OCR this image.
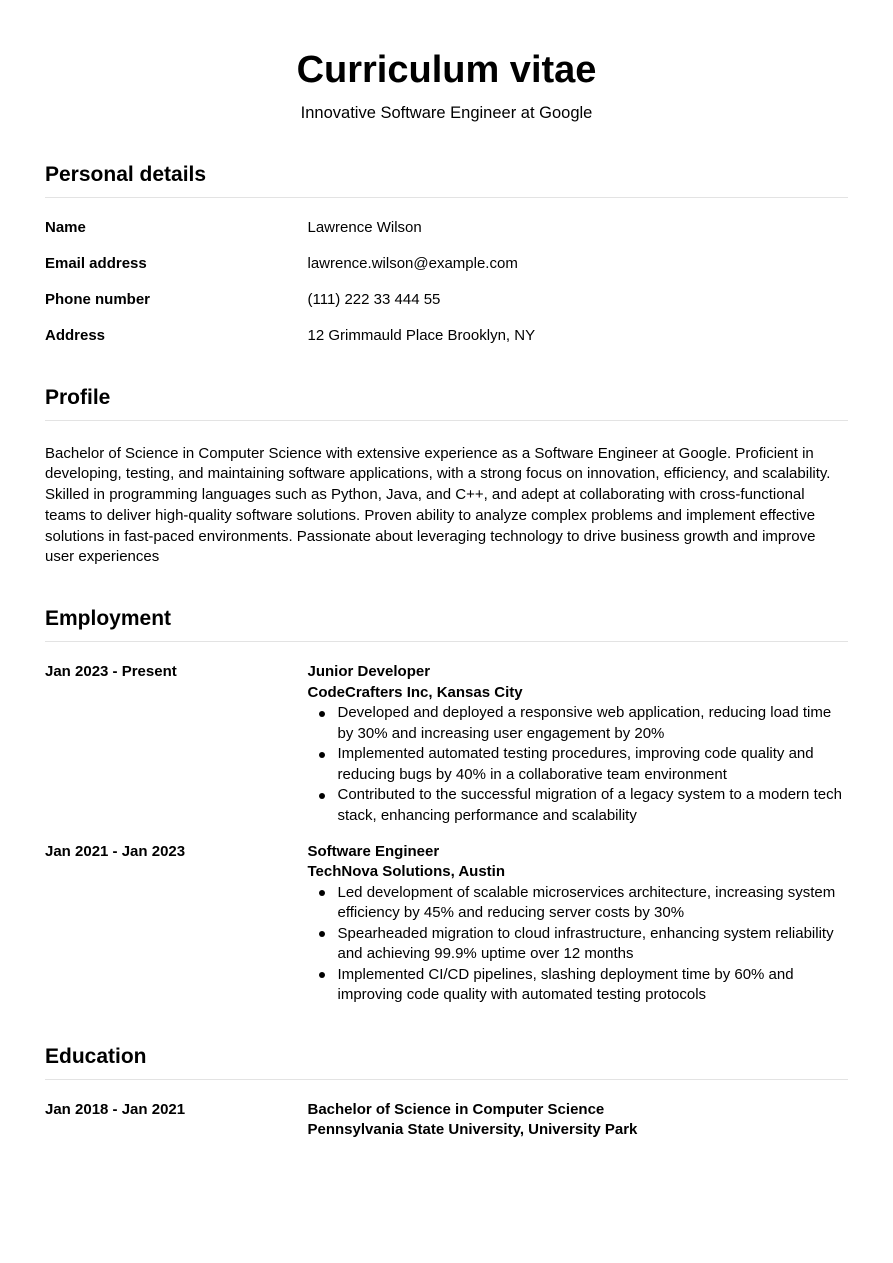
Curriculum vitae

Innovative Software Engineer at Google

Personal details
Name	Lawrence Wilson
Email address	lawrence.wilson@example.com
Phone number	(111) 222 33 444 55
Address	12 Grimmauld Place Brooklyn, NY
Profile

Bachelor of Science in Computer Science with extensive experience as a Software Engineer at Google. Proficient in developing, testing, and maintaining software applications, with a strong focus on innovation, efficiency, and scalability. Skilled in programming languages such as Python, Java, and C++, and adept at collaborating with cross-functional teams to deliver high-quality software solutions. Proven ability to analyze complex problems and implement effective solutions in fast-paced environments. Passionate about leveraging technology to drive business growth and improve user experiences

Employment
Jan 2023 - Present	Junior Developer
CodeCrafters Inc, Kansas City
Developed and deployed a responsive web application, reducing load time by 30% and increasing user engagement by 20%
Implemented automated testing procedures, improving code quality and reducing bugs by 40% in a collaborative team environment
Contributed to the successful migration of a legacy system to a modern tech stack, enhancing performance and scalability
Jan 2021 - Jan 2023	Software Engineer
TechNova Solutions, Austin
Led development of scalable microservices architecture, increasing system efficiency by 45% and reducing server costs by 30%
Spearheaded migration to cloud infrastructure, enhancing system reliability and achieving 99.9% uptime over 12 months
Implemented CI/CD pipelines, slashing deployment time by 60% and improving code quality with automated testing protocols
Education
Jan 2018 - Jan 2021	Bachelor of Science in Computer Science
Pennsylvania State University, University Park
